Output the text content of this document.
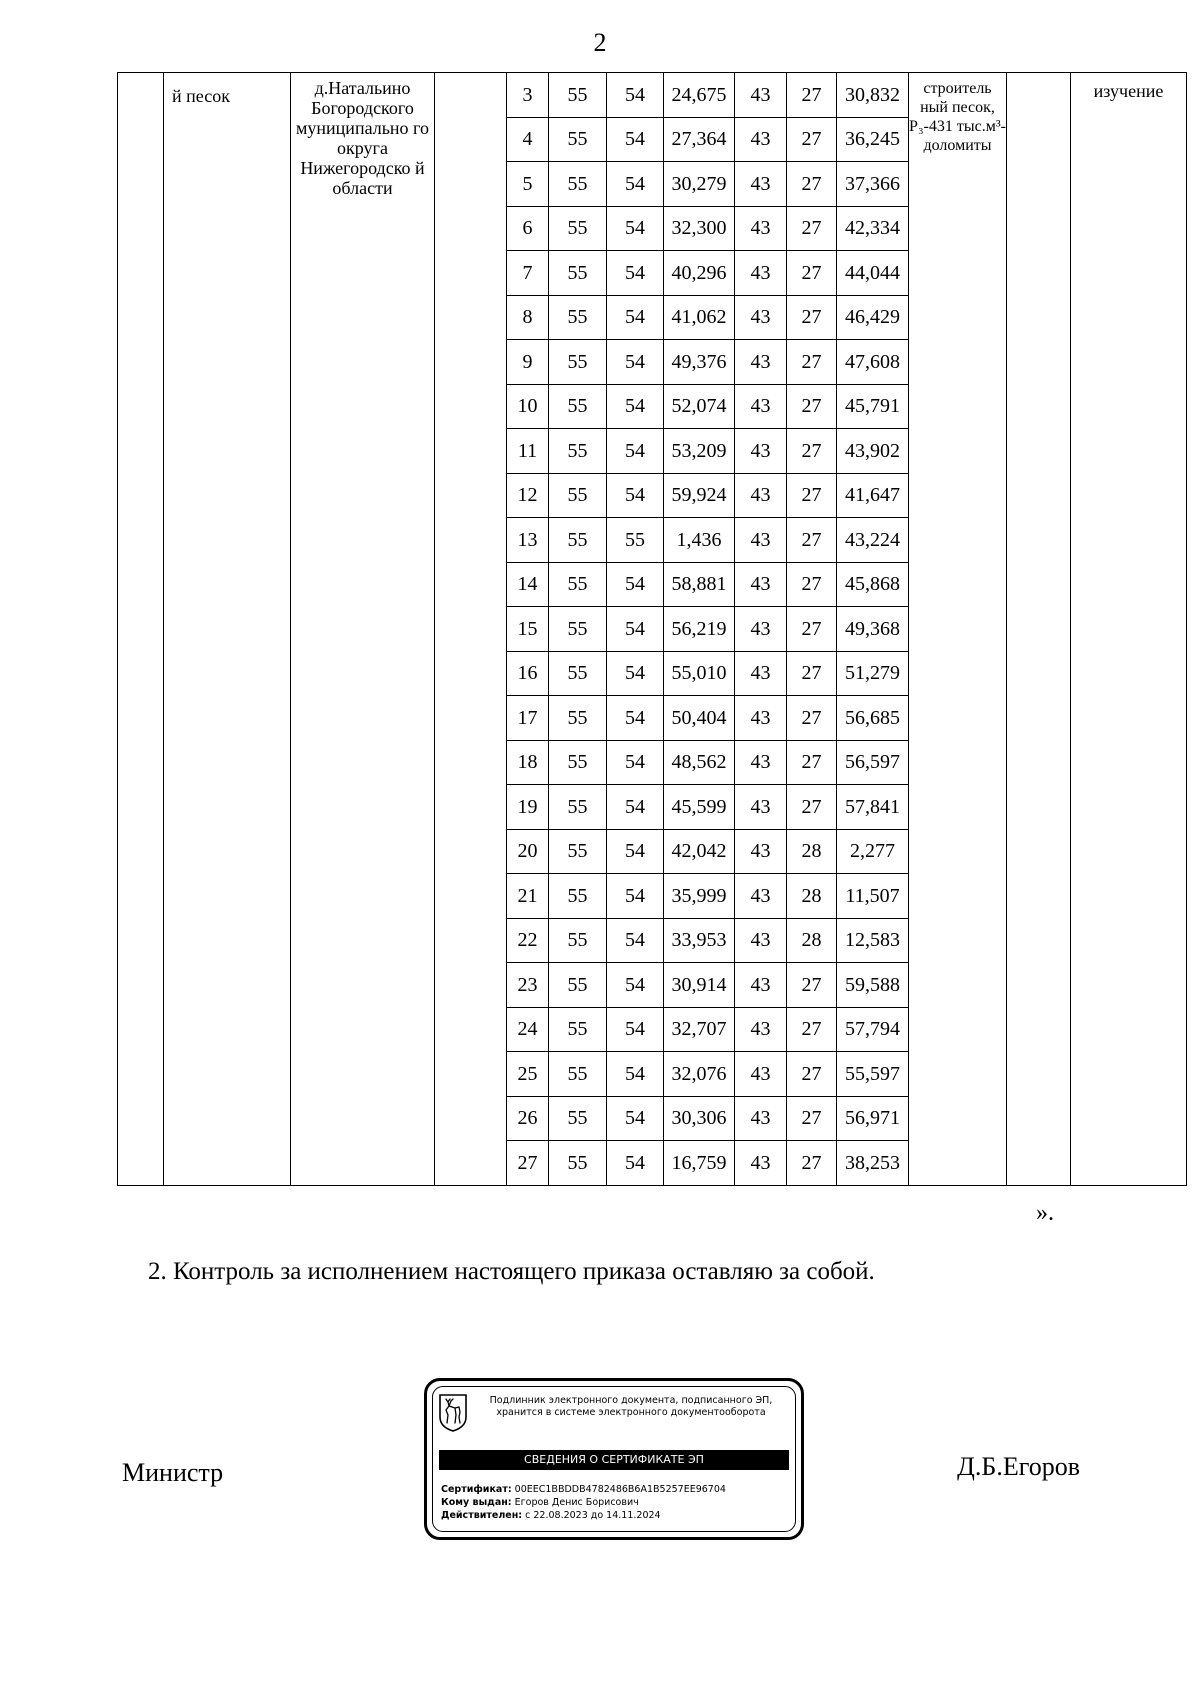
2

	й песок	д.Натальино Богородского муниципально го округа Нижегородско й области		3	55	54	24,675	43	27	30,832	строитель ный песок, P₃-431 тыс.м³- доломиты		изучение

				4	55	54	27,364	43	27	36,245			
				5	55	54	30,279	43	27	37,366			
				6	55	54	32,300	43	27	42,334			
				7	55	54	40,296	43	27	44,044			
				8	55	54	41,062	43	27	46,429			
				9	55	54	49,376	43	27	47,608			
				10	55	54	52,074	43	27	45,791			
				11	55	54	53,209	43	27	43,902			
				12	55	54	59,924	43	27	41,647			
				13	55	55	1,436	43	27	43,224			
				14	55	54	58,881	43	27	45,868			
				15	55	54	56,219	43	27	49,368			
				16	55	54	55,010	43	27	51,279			
				17	55	54	50,404	43	27	56,685			
				18	55	54	48,562	43	27	56,597			
				19	55	54	45,599	43	27	57,841			
				20	55	54	42,042	43	28	2,277			
				21	55	54	35,999	43	28	11,507			
				22	55	54	33,953	43	28	12,583			
				23	55	54	30,914	43	27	59,588			
				24	55	54	32,707	43	27	57,794			
				25	55	54	32,076	43	27	55,597			
				26	55	54	30,306	43	27	56,971			
				27	55	54	16,759	43	27	38,253			
».
2. Контроль за исполнением настоящего приказа оставляю за собой.
Министр
Подлинник электронного документа, подписанного ЭП,
хранится в системе электронного документооборота
СВЕДЕНИЯ О СЕРТИФИКАТЕ ЭП
Сертификат: 00EEC1BBDDB4782486B6A1B5257EE96704
Кому выдан: Егоров Денис Борисович
Действителен: с 22.08.2023 до 14.11.2024
Д.Б.Егоров
